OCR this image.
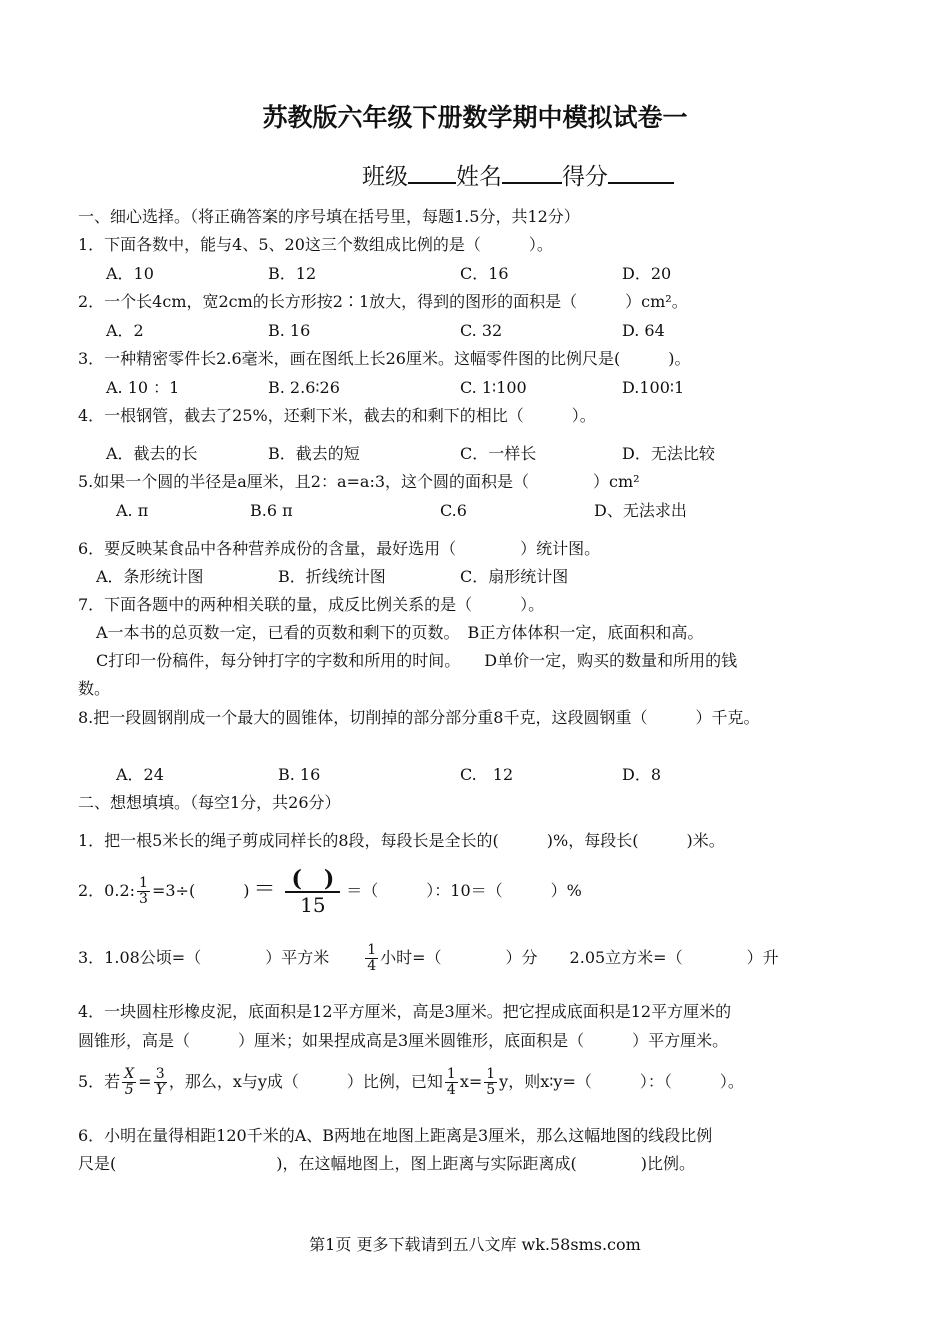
苏教版六年级下册数学期中模拟试卷一
班级 姓名	得分
一、细心选择。（将正确答案的序号填在括号里，每题1.5分，共12分）
1．下面各数中，能与4、5、20这三个数组成比例的是（　　　）。
A．10	B．12	C．16	D．20
2．一个长4cm，宽2cm的长方形按2∶1放大，得到的图形的面积是（　　　）cm²。
A．2	B. 16	C. 32	D. 64
3．一种精密零件长2.6毫米，画在图纸上长26厘米。这幅零件图的比例尺是(　　　)。
A. 10 ：1	B. 2.6∶26	C. 1∶100	D.100∶1
4．一根钢管，截去了25%，还剩下米，截去的和剩下的相比（　　　）。
A．截去的长	B．截去的短	C．一样长	D．无法比较
5.如果一个圆的半径是a厘米，且2：a=a:3，这个圆的面积是（　　　　）cm²
A. π	B.6 π	C.6	D、无法求出
6．要反映某食品中各种营养成份的含量，最好选用（　　　　）统计图。
A．条形统计图	B．折线统计图	C．扇形统计图
7．下面各题中的两种相关联的量，成反比例关系的是（　　　）。
A一本书的总页数一定，已看的页数和剩下的页数。　B正方体体积一定，底面积和高。
C打印一份稿件，每分钟打字的字数和所用的时间。　　D单价一定，购买的数量和所用的钱
数。
8.把一段圆钢削成一个最大的圆锥体，切削掉的部分部分重8千克，这段圆钢重（　　　）千克。
A．24	B. 16	C.　12	D．8
二、想想填填。（每空1分，共26分）
1．把一根5米长的绳子剪成同样长的8段，每段长是全长的(　　　)%，每段长(　　　)米。
2．0.2: $\frac{1}{3} =3\div$(　　　) ＝ $\frac{( )}{15}$ ＝（　　　）：10＝（　　　）%
3．1.08公顷=（　　　　）平方米	$\frac{1}{4}$ 小时=（　　　　）分　　2.05立方米=（　　　　）升
4．一块圆柱形橡皮泥，底面积是12平方厘米，高是3厘米。把它捏成底面积是12平方厘米的
圆锥形，高是（　　　）厘米；如果捏成高是3厘米圆锥形，底面积是（　　　）平方厘米。
5．若 $\frac{X}{5} = \frac{3}{Y}$ ，那么，x与y成（　　　）比例，已知 $\frac{1}{4} x= \frac{1}{5}$ y，则x∶y=（　　　）：（　　　）。
6．小明在量得相距120千米的A、B两地在地图上距离是3厘米，那么这幅地图的线段比例
尺是(　　　　　　　　　　)，在这幅地图上，图上距离与实际距离成(　　　　)比例。
第1页 更多下载请到五八文库 wk.58sms.com
